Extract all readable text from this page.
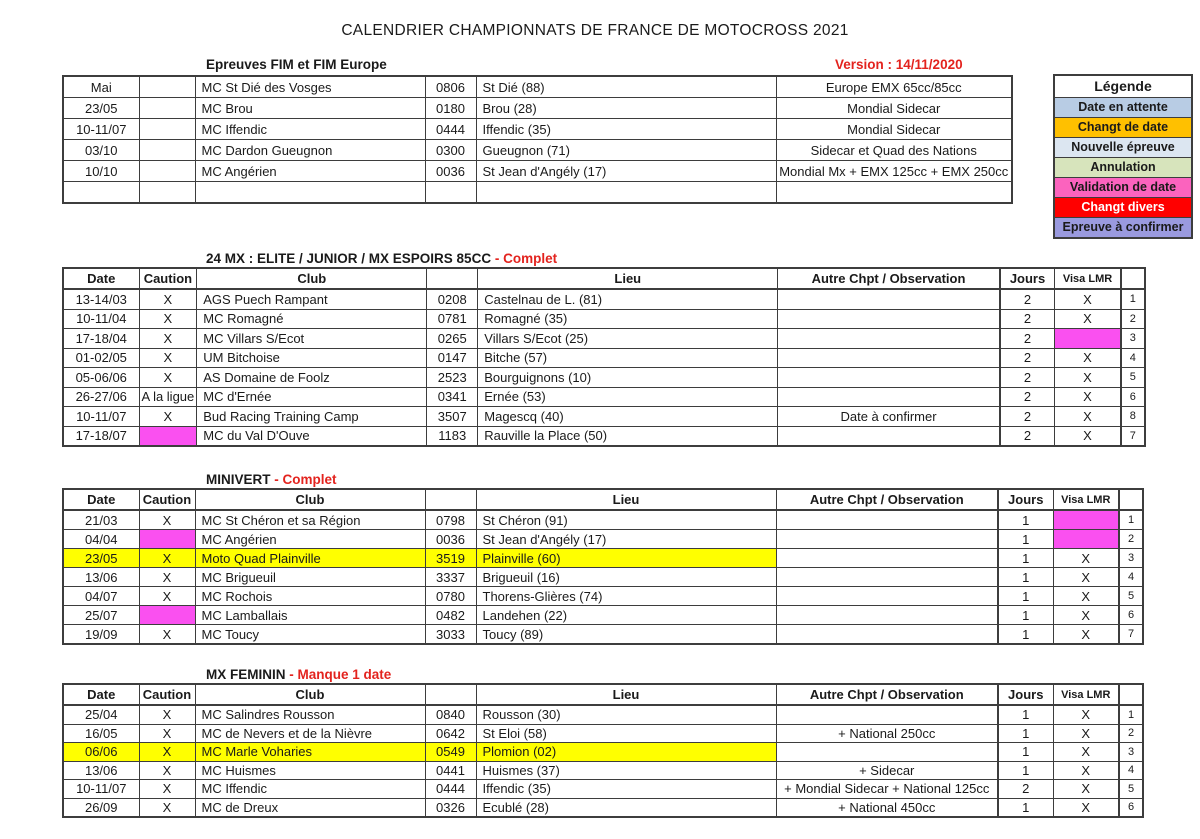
CALENDRIER CHAMPIONNATS DE FRANCE DE MOTOCROSS 2021
Epreuves FIM et FIM Europe	Version : 14/11/2020
Mai		MC St Dié des Vosges	0806	St Dié (88)	Europe EMX 65cc/85cc
23/05		MC Brou	0180	Brou (28)	Mondial Sidecar
10-11/07		MC Iffendic	0444	Iffendic (35)	Mondial Sidecar
03/10		MC Dardon Gueugnon	0300	Gueugnon (71)	Sidecar et Quad des Nations
10/10		MC Angérien	0036	St Jean d'Angély (17)	Mondial Mx + EMX 125cc + EMX 250cc

Légende
Date en attente
Changt de date
Nouvelle épreuve
Annulation
Validation de date
Changt divers
Epreuve à confirmer
24 MX : ELITE / JUNIOR / MX ESPOIRS 85CC - Complet
Date	Caution	Club		Lieu	Autre Chpt / Observation	Jours	Visa LMR	
13-14/03	X	AGS Puech Rampant	0208	Castelnau de L. (81)		2	X	1
10-11/04	X	MC Romagné	0781	Romagné (35)		2	X	2
17-18/04	X	MC Villars S/Ecot	0265	Villars S/Ecot (25)		2		3
01-02/05	X	UM Bitchoise	0147	Bitche (57)		2	X	4
05-06/06	X	AS Domaine de Foolz	2523	Bourguignons (10)		2	X	5
26-27/06	A la ligue	MC d'Ernée	0341	Ernée (53)		2	X	6
10-11/07	X	Bud Racing Training Camp	3507	Magescq (40)	Date à confirmer	2	X	8
17-18/07		MC du Val D'Ouve	1183	Rauville la Place (50)		2	X	7
MINIVERT - Complet
Date	Caution	Club		Lieu	Autre Chpt / Observation	Jours	Visa LMR	
21/03	X	MC St Chéron et sa Région	0798	St Chéron (91)		1		1
04/04		MC Angérien	0036	St Jean d'Angély (17)		1		2
23/05	X	Moto Quad Plainville	3519	Plainville (60)		1	X	3
13/06	X	MC Brigueuil	3337	Brigueuil (16)		1	X	4
04/07	X	MC Rochois	0780	Thorens-Glières (74)		1	X	5
25/07		MC Lamballais	0482	Landehen (22)		1	X	6
19/09	X	MC Toucy	3033	Toucy (89)		1	X	7
MX FEMININ - Manque 1 date
Date	Caution	Club		Lieu	Autre Chpt / Observation	Jours	Visa LMR	
25/04	X	MC Salindres Rousson	0840	Rousson (30)		1	X	1
16/05	X	MC de Nevers et de la Nièvre	0642	St Eloi (58)	+ National 250cc	1	X	2
06/06	X	MC Marle Voharies	0549	Plomion (02)		1	X	3
13/06	X	MC Huismes	0441	Huismes (37)	+ Sidecar	1	X	4
10-11/07	X	MC Iffendic	0444	Iffendic (35)	+ Mondial Sidecar + National 125cc	2	X	5
26/09	X	MC de Dreux	0326	Ecublé (28)	+ National 450cc	1	X	6
